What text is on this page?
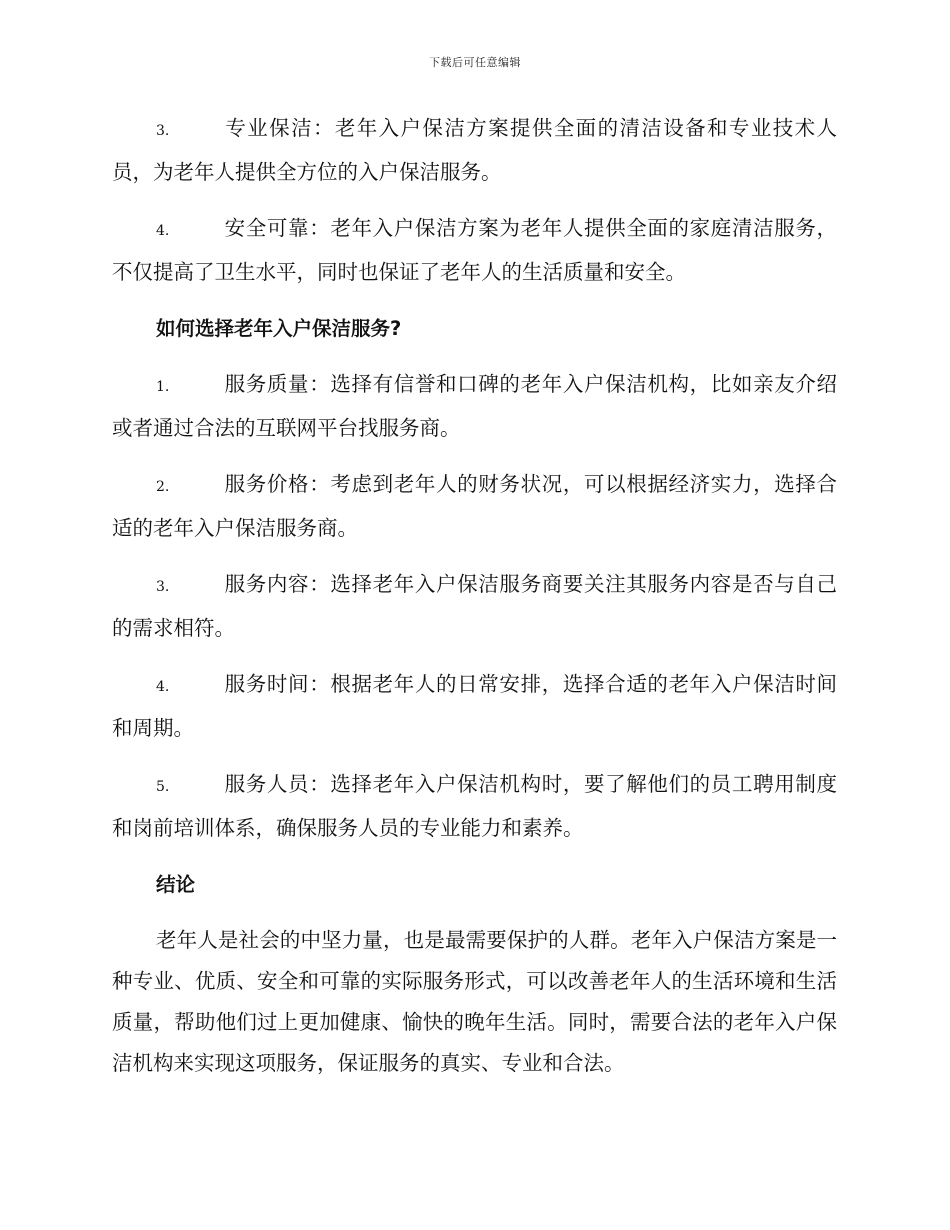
下载后可任意编辑

3.	专业保洁：老年入户保洁方案提供全面的清洁设备和专业技术人员，为老年人提供全方位的入户保洁服务。

4.	安全可靠：老年入户保洁方案为老年人提供全面的家庭清洁服务，不仅提高了卫生水平，同时也保证了老年人的生活质量和安全。

如何选择老年入户保洁服务?

1.	服务质量：选择有信誉和口碑的老年入户保洁机构，比如亲友介绍或者通过合法的互联网平台找服务商。

2.	服务价格：考虑到老年人的财务状况，可以根据经济实力，选择合适的老年入户保洁服务商。

3.	服务内容：选择老年入户保洁服务商要关注其服务内容是否与自己的需求相符。

4.	服务时间：根据老年人的日常安排，选择合适的老年入户保洁时间和周期。

5.	服务人员：选择老年入户保洁机构时，要了解他们的员工聘用制度和岗前培训体系，确保服务人员的专业能力和素养。

结论

老年人是社会的中坚力量，也是最需要保护的人群。老年入户保洁方案是一种专业、优质、安全和可靠的实际服务形式，可以改善老年人的生活环境和生活质量，帮助他们过上更加健康、愉快的晚年生活。同时，需要合法的老年入户保洁机构来实现这项服务，保证服务的真实、专业和合法。
